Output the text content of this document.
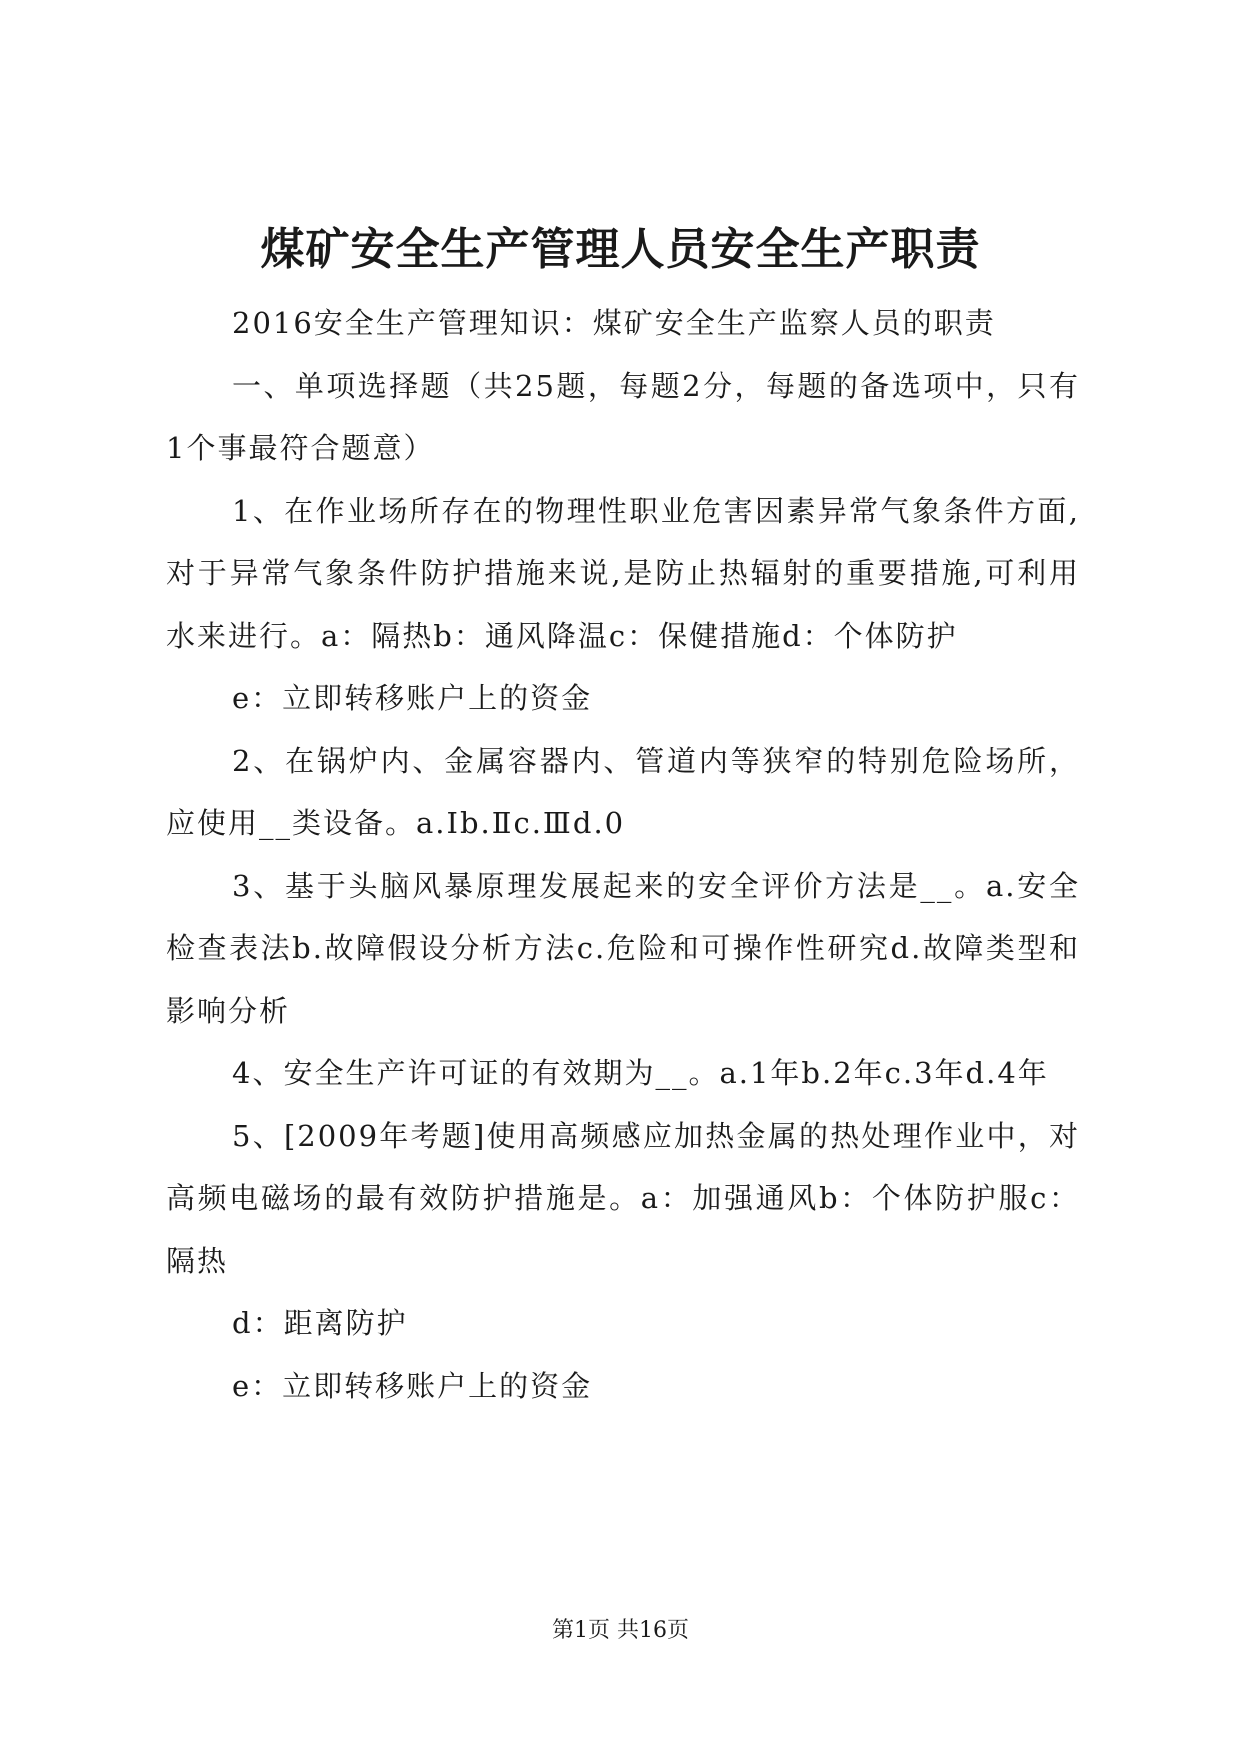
煤矿安全生产管理人员安全生产职责

2016安全生产管理知识：煤矿安全生产监察人员的职责

一、单项选择题（共25题，每题2分，每题的备选项中，只有1个事最符合题意）

1、在作业场所存在的物理性职业危害因素异常气象条件方面,对于异常气象条件防护措施来说,是防止热辐射的重要措施,可利用水来进行。a：隔热b：通风降温c：保健措施d：个体防护

e：立即转移账户上的资金

2、在锅炉内、金属容器内、管道内等狭窄的特别危险场所，应使用__类设备。a.Ⅰb.Ⅱc.Ⅲd.0

3、基于头脑风暴原理发展起来的安全评价方法是__。a.安全检查表法b.故障假设分析方法c.危险和可操作性研究d.故障类型和影响分析

4、安全生产许可证的有效期为__。a.1年b.2年c.3年d.4年

5、[2009年考题]使用高频感应加热金属的热处理作业中，对高频电磁场的最有效防护措施是。a：加强通风b：个体防护服c：隔热

d：距离防护

e：立即转移账户上的资金

第1页 共16页
